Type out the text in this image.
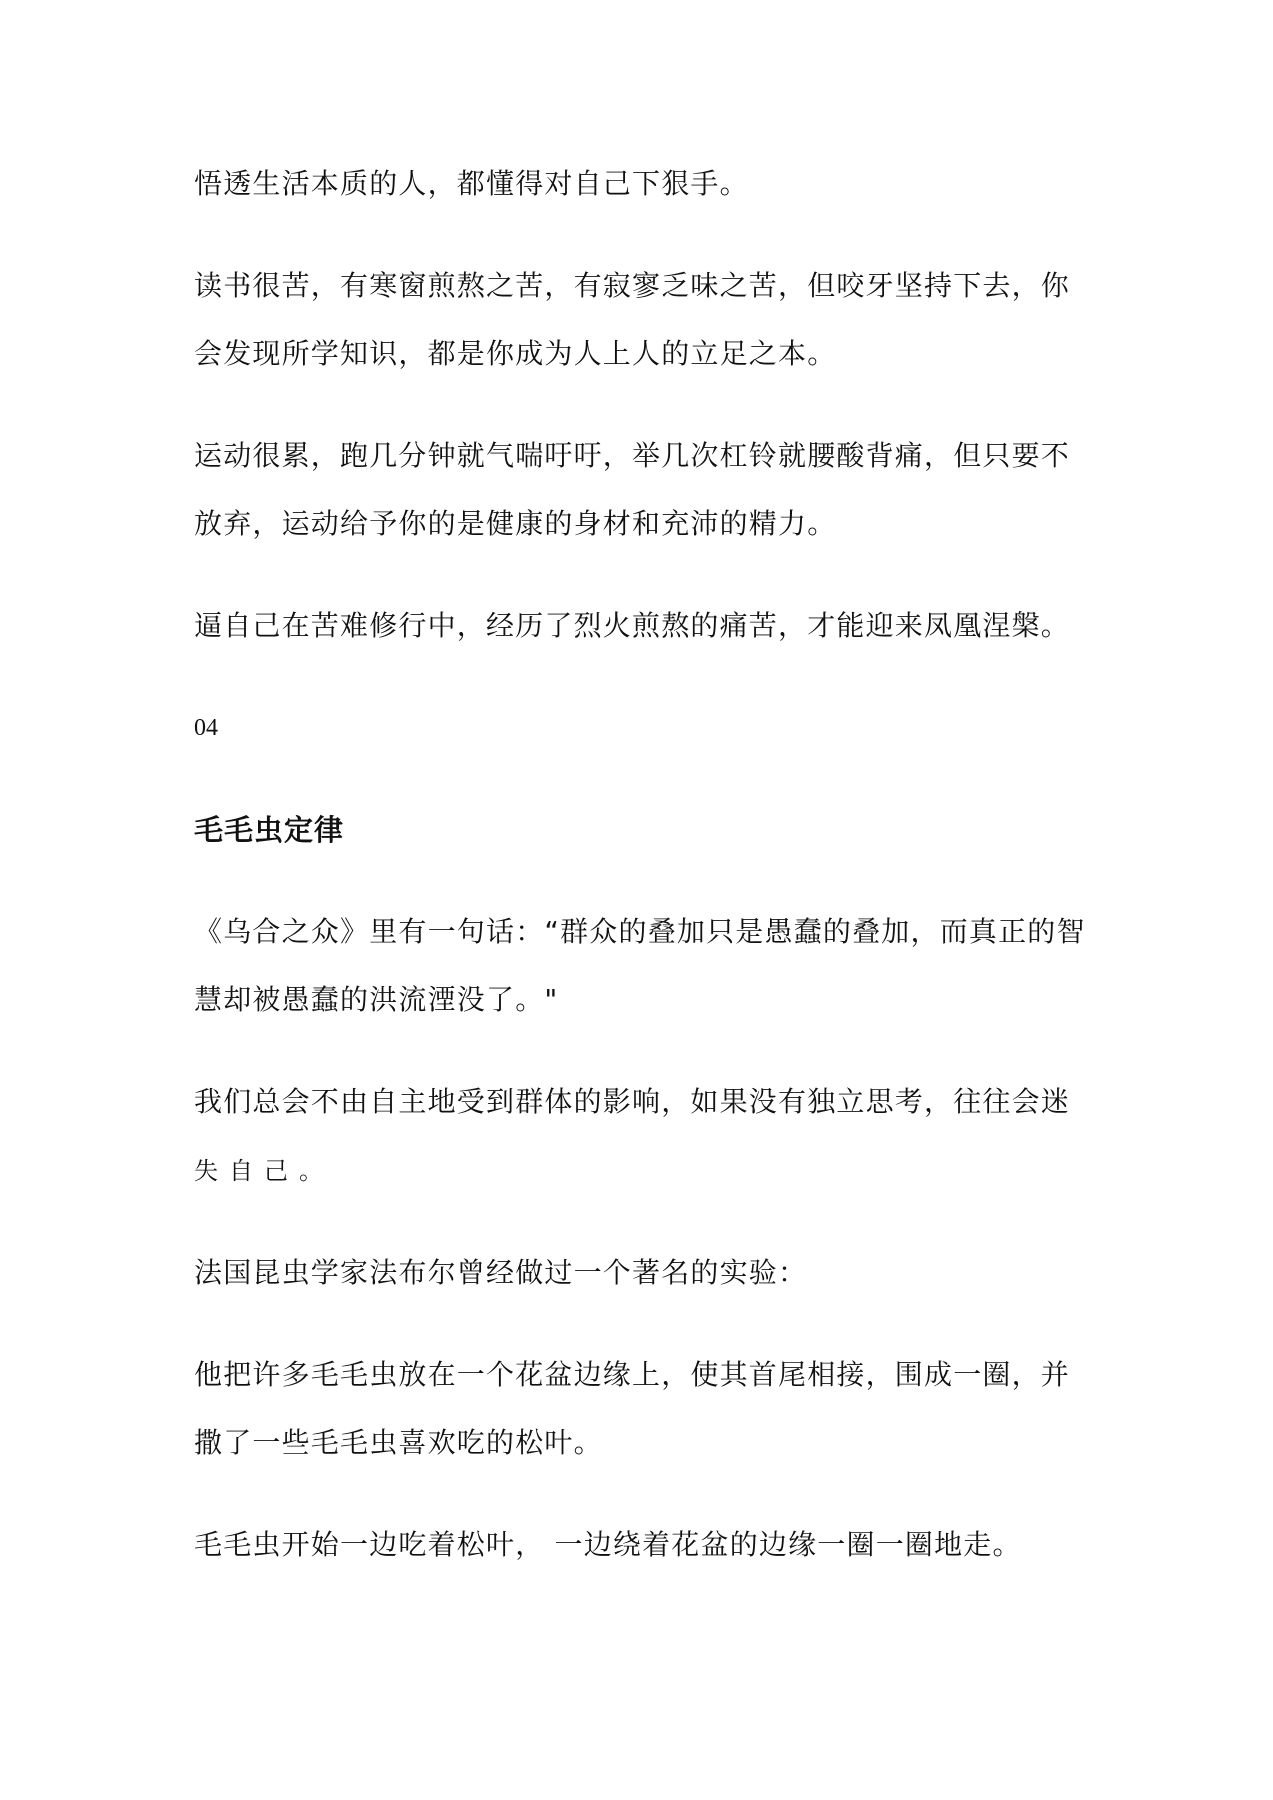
悟透生活本质的人，都懂得对自己下狠手。

读书很苦，有寒窗煎熬之苦，有寂寥乏味之苦，但咬牙坚持下去，你会发现所学知识，都是你成为人上人的立足之本。

运动很累，跑几分钟就气喘吁吁，举几次杠铃就腰酸背痛，但只要不放弃，运动给予你的是健康的身材和充沛的精力。

逼自己在苦难修行中，经历了烈火煎熬的痛苦，才能迎来凤凰涅槃。

04

毛毛虫定律

《乌合之众》里有一句话：“群众的叠加只是愚蠢的叠加，而真正的智慧却被愚蠢的洪流湮没了。"

我们总会不由自主地受到群体的影响，如果没有独立思考，往往会迷
失自己。

法国昆虫学家法布尔曾经做过一个著名的实验：

他把许多毛毛虫放在一个花盆边缘上，使其首尾相接，围成一圈，并撒了一些毛毛虫喜欢吃的松叶。

毛毛虫开始一边吃着松叶， 一边绕着花盆的边缘一圈一圈地走。
